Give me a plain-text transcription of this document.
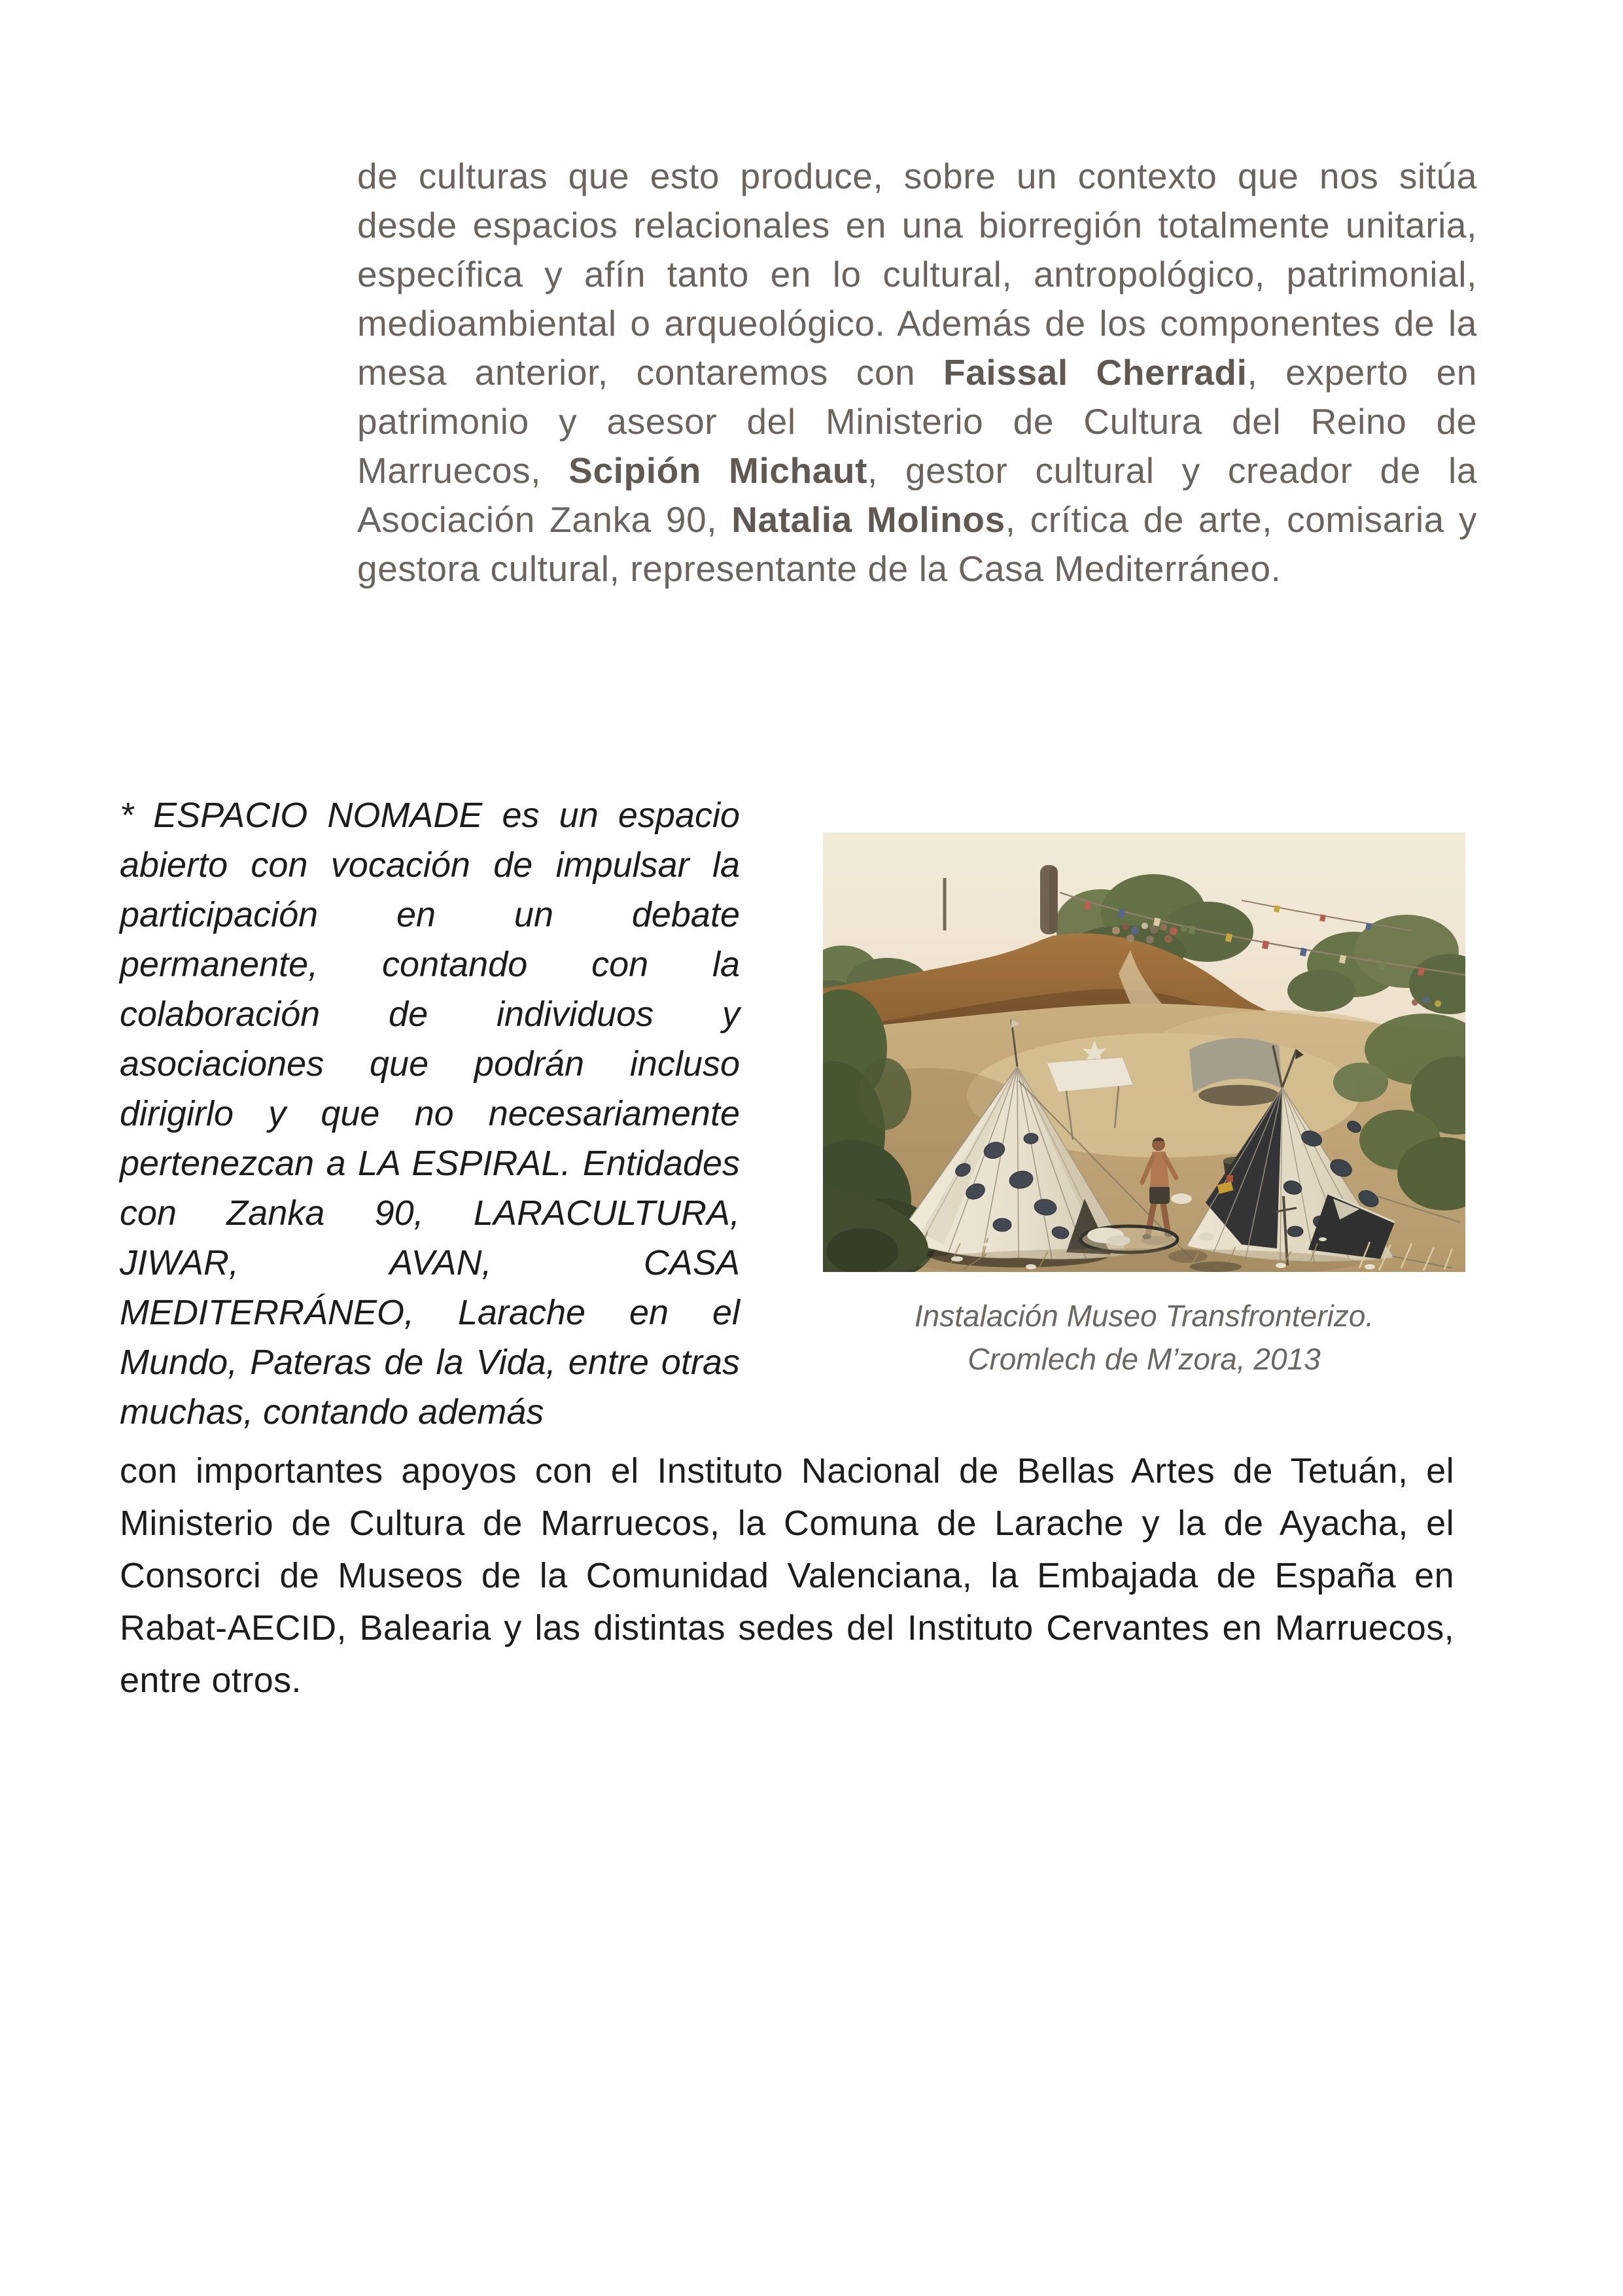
de culturas que esto produce, sobre un contexto que nos sitúa desde espacios relacionales en una biorregión totalmente unitaria, específica y afín tanto en lo cultural, antropológico, patrimonial, medioambiental o arqueológico. Además de los componentes de la mesa anterior, contaremos con Faissal Cherradi, experto en patrimonio y asesor del Ministerio de Cultura del Reino de Marruecos, Scipión Michaut, gestor cultural y creador de la Asociación Zanka 90, Natalia Molinos, crítica de arte, comisaria y gestora cultural, representante de la Casa Mediterráneo.

* ESPACIO NOMADE es un espacio abierto con vocación de impulsar la participación en un debate permanente, contando con la colaboración de individuos y asociaciones que podrán incluso dirigirlo y que no necesariamente pertenezcan a LA ESPIRAL. Entidades con Zanka 90, LARACULTURA, JIWAR, AVAN, CASA MEDITERRÁNEO, Larache en el Mundo, Pateras de la Vida, entre otras muchas, contando además

Instalación Museo Transfronterizo.
Cromlech de M’zora, 2013

con importantes apoyos con el Instituto Nacional de Bellas Artes de Tetuán, el Ministerio de Cultura de Marruecos, la Comuna de Larache y la de Ayacha, el Consorci de Museos de la Comunidad Valenciana, la Embajada de España en Rabat-AECID, Balearia y las distintas sedes del Instituto Cervantes en Marruecos, entre otros.
